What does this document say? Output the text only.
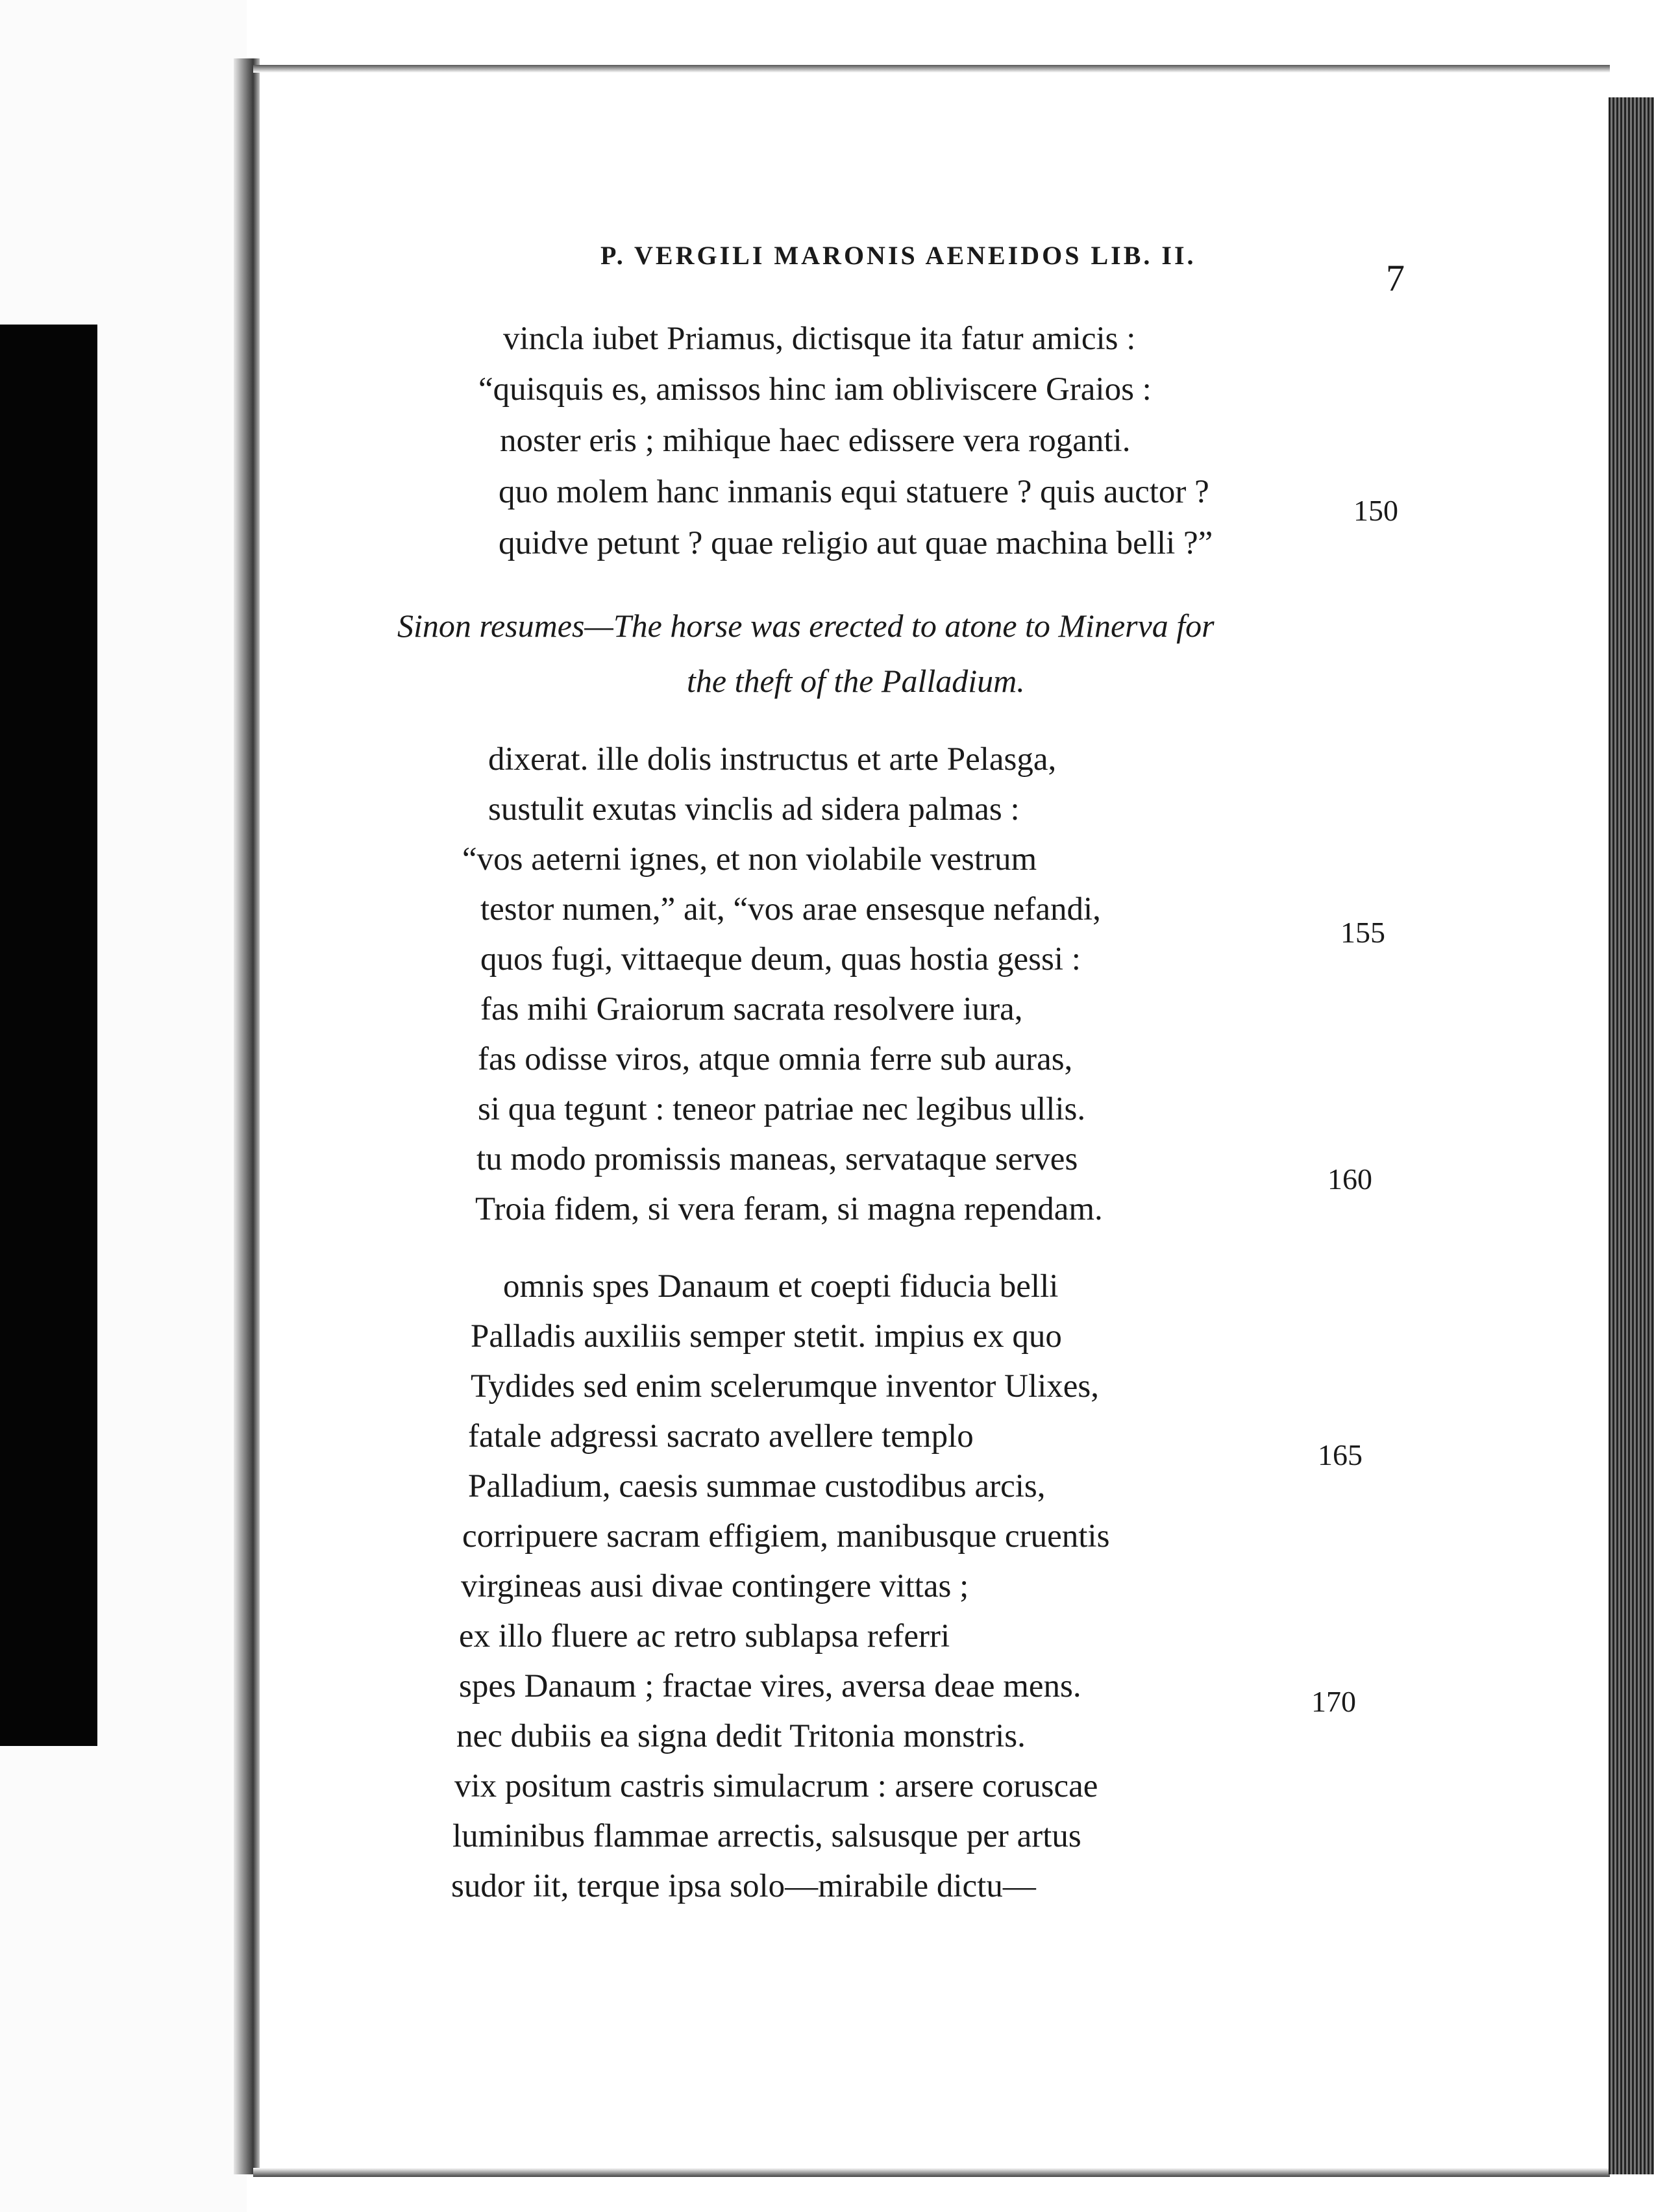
P. VERGILI MARONIS AENEIDOS LIB. II.
7
vincla iubet Priamus, dictisque ita fatur amicis :
“quisquis es, amissos hinc iam obliviscere Graios :
noster eris ; mihique haec edissere vera roganti.
quo molem hanc inmanis equi statuere ? quis auctor ?
quidve petunt ? quae religio aut quae machina belli ?”
150
Sinon resumes—The horse was erected to atone to Minerva for
the theft of the Palladium.
dixerat. ille dolis instructus et arte Pelasga,
sustulit exutas vinclis ad sidera palmas :
“vos aeterni ignes, et non violabile vestrum
testor numen,” ait, “vos arae ensesque nefandi,
quos fugi, vittaeque deum, quas hostia gessi :
fas mihi Graiorum sacrata resolvere iura,
fas odisse viros, atque omnia ferre sub auras,
si qua tegunt : teneor patriae nec legibus ullis.
tu modo promissis maneas, servataque serves
Troia fidem, si vera feram, si magna rependam.
155
160
omnis spes Danaum et coepti fiducia belli
Palladis auxiliis semper stetit. impius ex quo
Tydides sed enim scelerumque inventor Ulixes,
fatale adgressi sacrato avellere templo
Palladium, caesis summae custodibus arcis,
corripuere sacram effigiem, manibusque cruentis
virgineas ausi divae contingere vittas ;
ex illo fluere ac retro sublapsa referri
spes Danaum ; fractae vires, aversa deae mens.
nec dubiis ea signa dedit Tritonia monstris.
vix positum castris simulacrum : arsere coruscae
luminibus flammae arrectis, salsusque per artus
sudor iit, terque ipsa solo—mirabile dictu—
165
170
